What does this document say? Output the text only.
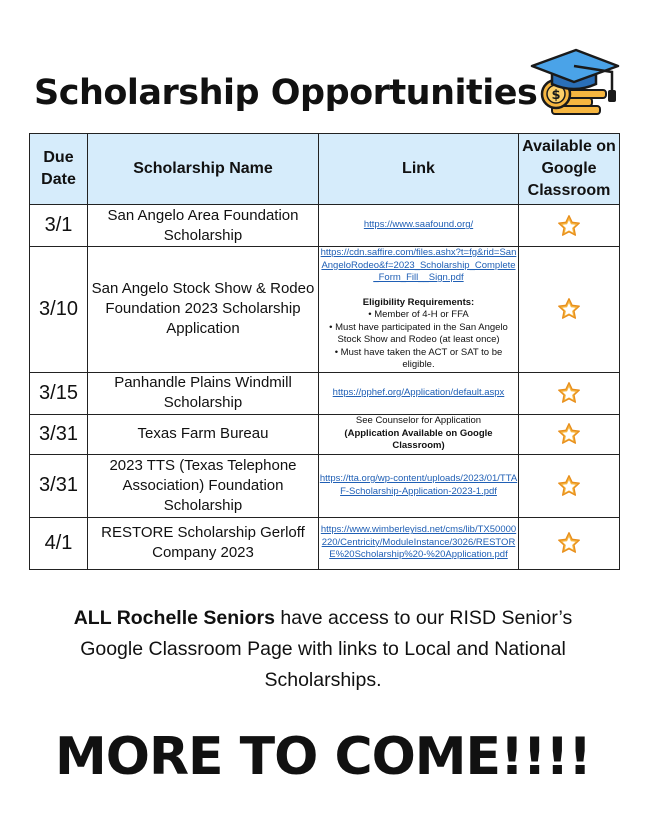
Scholarship Opportunities $
Due Date	Scholarship Name	Link	Available on Google Classroom
3/1	San Angelo Area Foundation Scholarship	https://www.saafound.org/	
3/10	San Angelo Stock Show & Rodeo Foundation 2023 Scholarship Application	https://cdn.saffire.com/files.ashx?t=fg&rid=SanAngeloRodeo&f=2023_Scholarship_Complete_Form_Fill__Sign.pdf
Eligibility Requirements:
• Member of 4-H or FFA
• Must have participated in the San Angelo Stock Show and Rodeo (at least once)
• Must have taken the ACT or SAT to be eligible.

3/15	Panhandle Plains Windmill Scholarship	https://pphef.org/Application/default.aspx	
3/31	Texas Farm Bureau	See Counselor for Application
(Application Available on Google Classroom)

3/31	2023 TTS (Texas Telephone Association) Foundation Scholarship	https://tta.org/wp-content/uploads/2023/01/TTAF-Scholarship-Application-2023-1.pdf	
4/1	RESTORE Scholarship Gerloff Company 2023	https://www.wimberleyisd.net/cms/lib/TX50000220/Centricity/ModuleInstance/3026/RESTORE%20Scholarship%20-%20Application.pdf	
ALL Rochelle Seniors have access to our RISD Senior’s Google Classroom Page with links to Local and National Scholarships.
MORE TO COME!!!!
